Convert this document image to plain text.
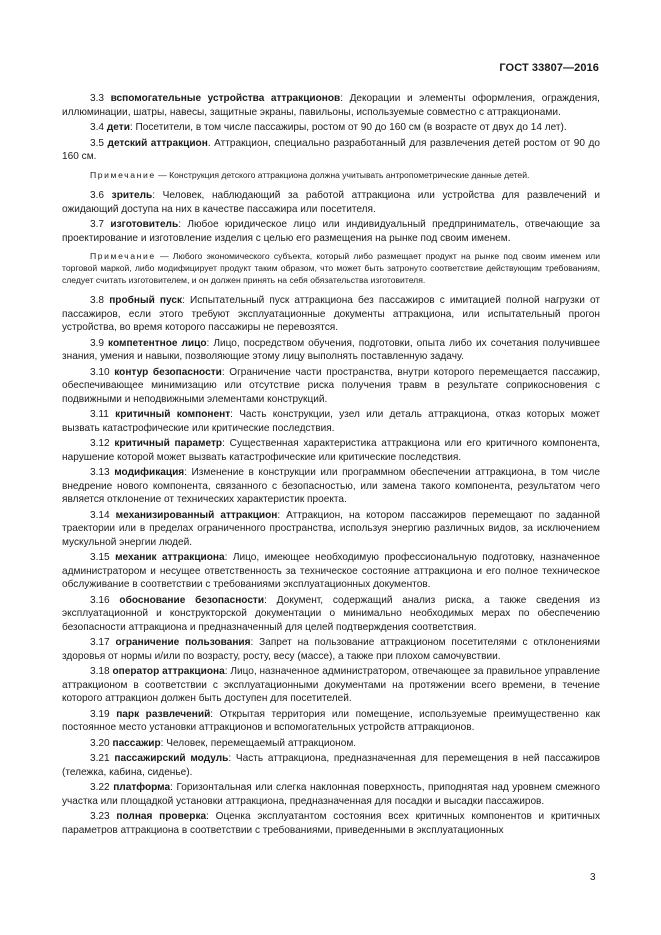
ГОСТ 33807—2016

3.3 вспомогательные устройства аттракционов: Декорации и элементы оформления, ограждения, иллюминации, шатры, навесы, защитные экраны, павильоны, используемые совместно с аттракционами.

3.4 дети: Посетители, в том числе пассажиры, ростом от 90 до 160 см (в возрасте от двух до 14 лет).

3.5 детский аттракцион. Аттракцион, специально разработанный для развлечения детей ростом от 90 до 160 см.

Примечание — Конструкция детского аттракциона должна учитывать антропометрические данные детей.

3.6 зритель: Человек, наблюдающий за работой аттракциона или устройства для развлечений и ожидающий доступа на них в качестве пассажира или посетителя.

3.7 изготовитель: Любое юридическое лицо или индивидуальный предприниматель, отвечающие за проектирование и изготовление изделия с целью его размещения на рынке под своим именем.

Примечание — Любого экономического субъекта, который либо размещает продукт на рынке под своим именем или торговой маркой, либо модифицирует продукт таким образом, что может быть затронуто соответствие действующим требованиям, следует считать изготовителем, и он должен принять на себя обязательства изготовителя.

3.8 пробный пуск: Испытательный пуск аттракциона без пассажиров с имитацией полной нагрузки от пассажиров, если этого требуют эксплуатационные документы аттракциона, или испытательный прогон устройства, во время которого пассажиры не перевозятся.

3.9 компетентное лицо: Лицо, посредством обучения, подготовки, опыта либо их сочетания получившее знания, умения и навыки, позволяющие этому лицу выполнять поставленную задачу.

3.10 контур безопасности: Ограничение части пространства, внутри которого перемещается пассажир, обеспечивающее минимизацию или отсутствие риска получения травм в результате соприкосновения с подвижными и неподвижными элементами конструкций.

3.11 критичный компонент: Часть конструкции, узел или деталь аттракциона, отказ которых может вызвать катастрофические или критические последствия.

3.12 критичный параметр: Существенная характеристика аттракциона или его критичного компонента, нарушение которой может вызвать катастрофические или критические последствия.

3.13 модификация: Изменение в конструкции или программном обеспечении аттракциона, в том числе внедрение нового компонента, связанного с безопасностью, или замена такого компонента, результатом чего является отклонение от технических характеристик проекта.

3.14 механизированный аттракцион: Аттракцион, на котором пассажиров перемещают по заданной траектории или в пределах ограниченного пространства, используя энергию различных видов, за исключением мускульной энергии людей.

3.15 механик аттракциона: Лицо, имеющее необходимую профессиональную подготовку, назначенное администратором и несущее ответственность за техническое состояние аттракциона и его полное техническое обслуживание в соответствии с требованиями эксплуатационных документов.

3.16 обоснование безопасности: Документ, содержащий анализ риска, а также сведения из эксплуатационной и конструкторской документации о минимально необходимых мерах по обеспечению безопасности аттракциона и предназначенный для целей подтверждения соответствия.

3.17 ограничение пользования: Запрет на пользование аттракционом посетителями с отклонениями здоровья от нормы и/или по возрасту, росту, весу (массе), а также при плохом самочувствии.

3.18 оператор аттракциона: Лицо, назначенное администратором, отвечающее за правильное управление аттракционом в соответствии с эксплуатационными документами на протяжении всего времени, в течение которого аттракцион должен быть доступен для посетителей.

3.19 парк развлечений: Открытая территория или помещение, используемые преимущественно как постоянное место установки аттракционов и вспомогательных устройств аттракционов.

3.20 пассажир: Человек, перемещаемый аттракционом.

3.21 пассажирский модуль: Часть аттракциона, предназначенная для перемещения в ней пассажиров (тележка, кабина, сиденье).

3.22 платформа: Горизонтальная или слегка наклонная поверхность, приподнятая над уровнем смежного участка или площадкой установки аттракциона, предназначенная для посадки и высадки пассажиров.

3.23 полная проверка: Оценка эксплуатантом состояния всех критичных компонентов и критичных параметров аттракциона в соответствии с требованиями, приведенными в эксплуатационных

3
